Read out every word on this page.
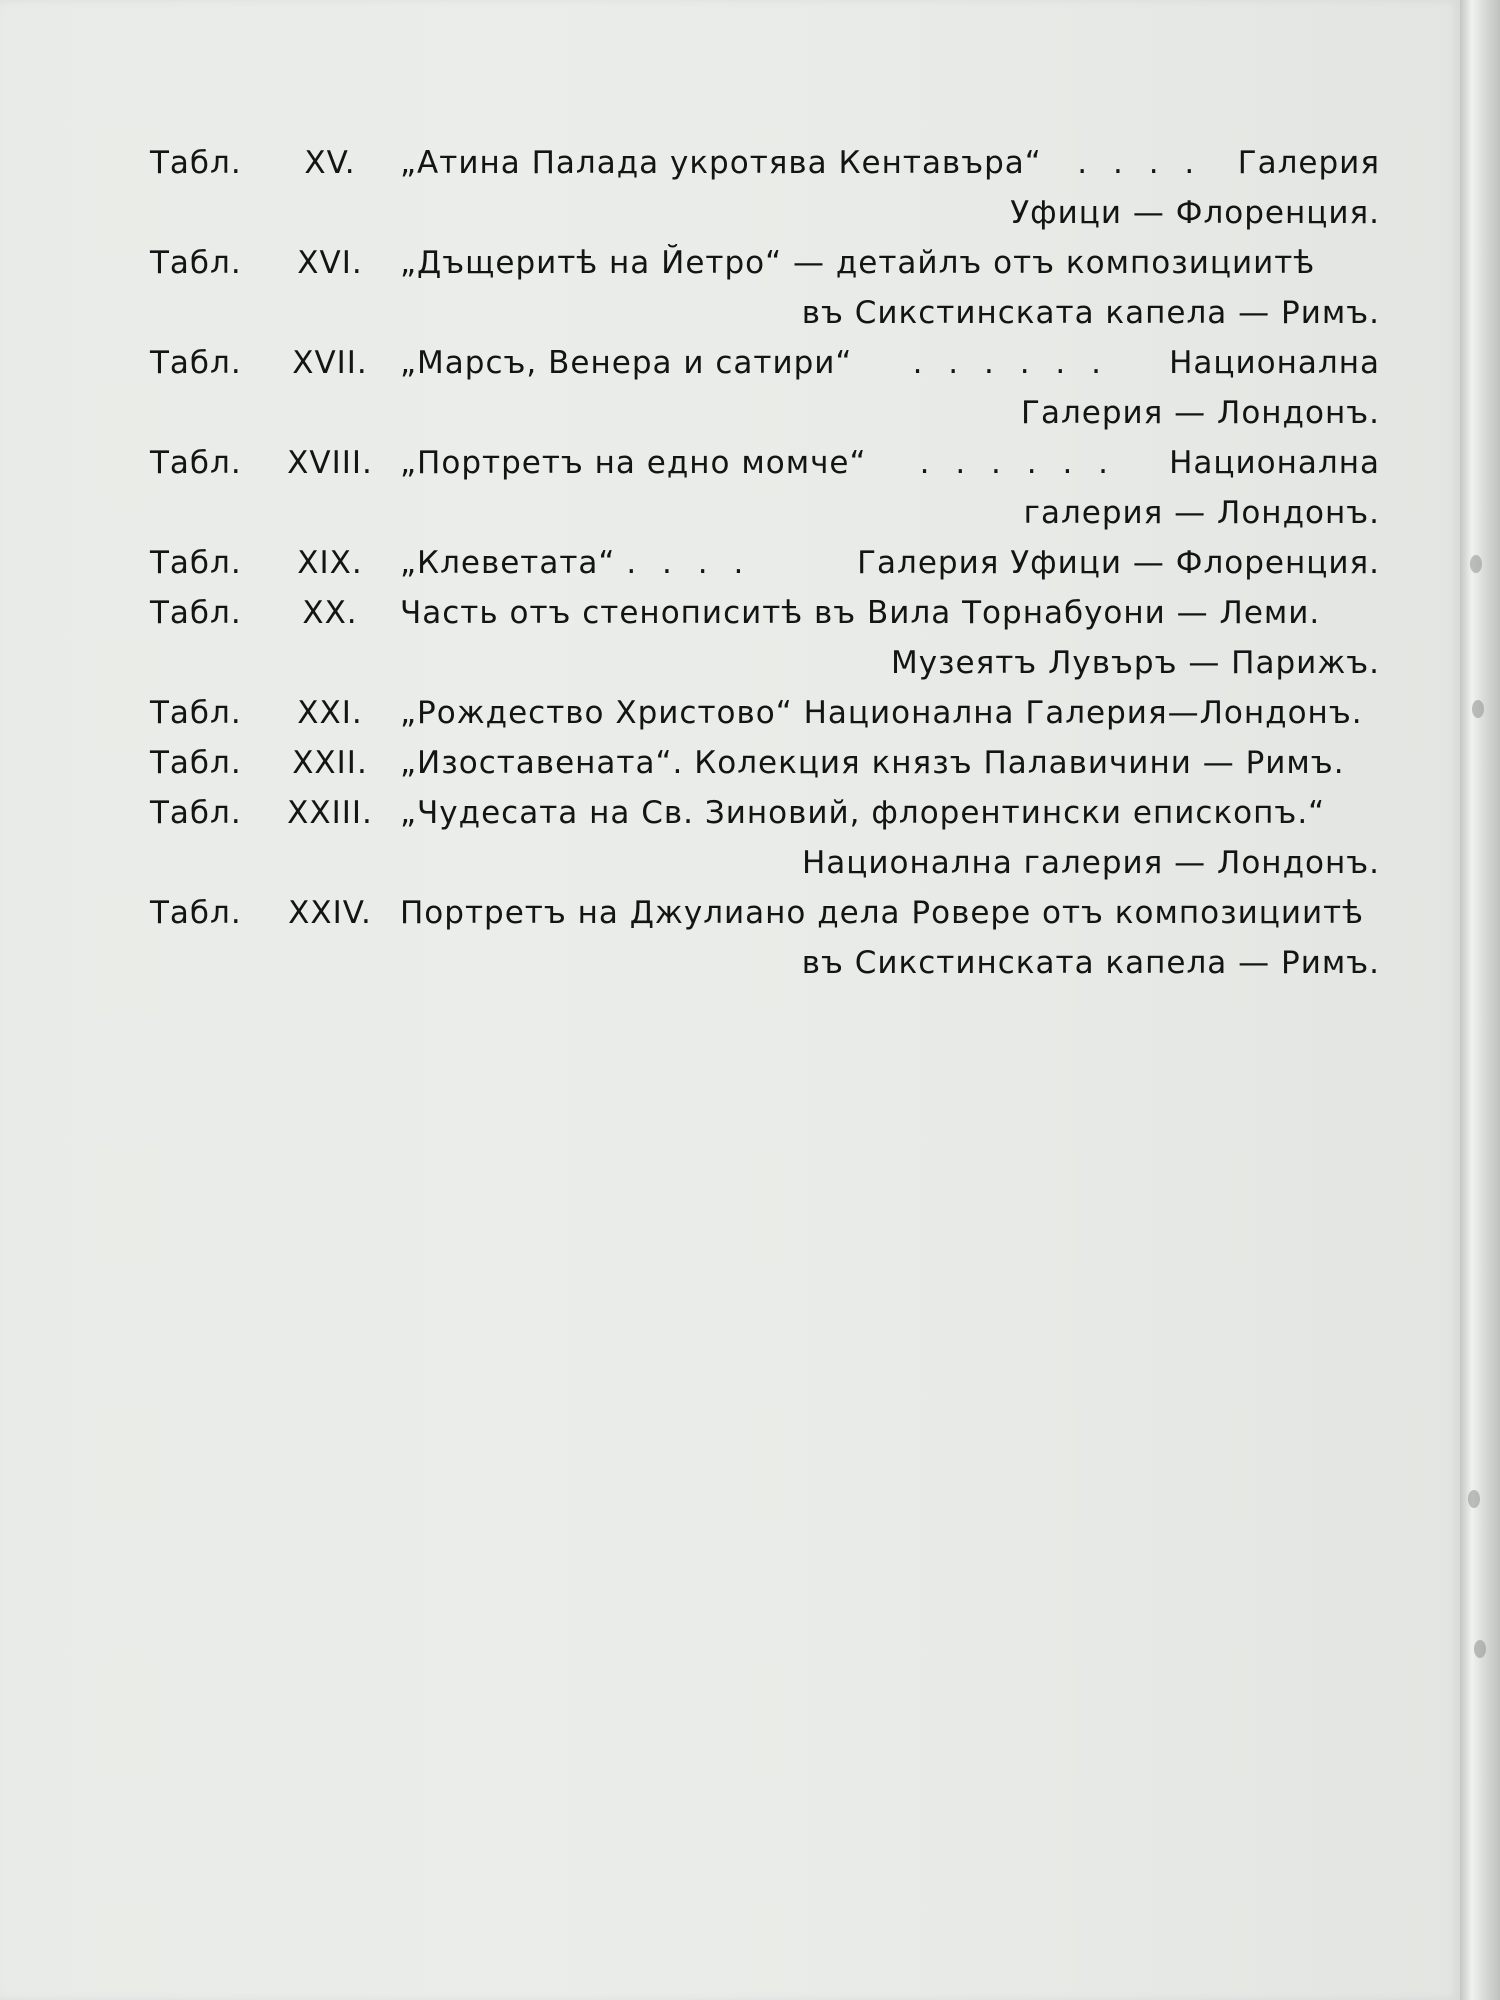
Табл.	XV.	„Атина Палада укротява Кентавъра“ . . . . Галерия
Уфици — Флоренция.
Табл.	XVI.	„Дъщеритѣ на Йетро“ — детайлъ отъ композициитѣ
въ Сикстинската капела — Римъ.
Табл.	XVII.	„Марсъ, Венера и сатири“ . . . . . . Национална
Галерия — Лондонъ.
Табл.	XVIII. „Портретъ на едно момче“ . . . . . . Национална
галерия — Лондонъ.
Табл.	XIX.	„Клеветата“ . . . .	Галерия Уфици — Флоренция.
Табл.	XX.	Часть отъ стенописитѣ въ Вила Торнабуони — Леми.
Музеятъ Лувъръ — Парижъ.
Табл.	XXI.	„Рождество Христово“ Национална Галерия—Лондонъ.
Табл.	XXII.	„Изоставената“. Колекция князъ Палавичини — Римъ.
Табл.	XXIII. „Чудесата на Св. Зиновий, флорентински епископъ.“
Национална галерия — Лондонъ.
Табл.	XXIV. Портретъ на Джулиано дела Ровере отъ композициитѣ
въ Сикстинската капела — Римъ.
